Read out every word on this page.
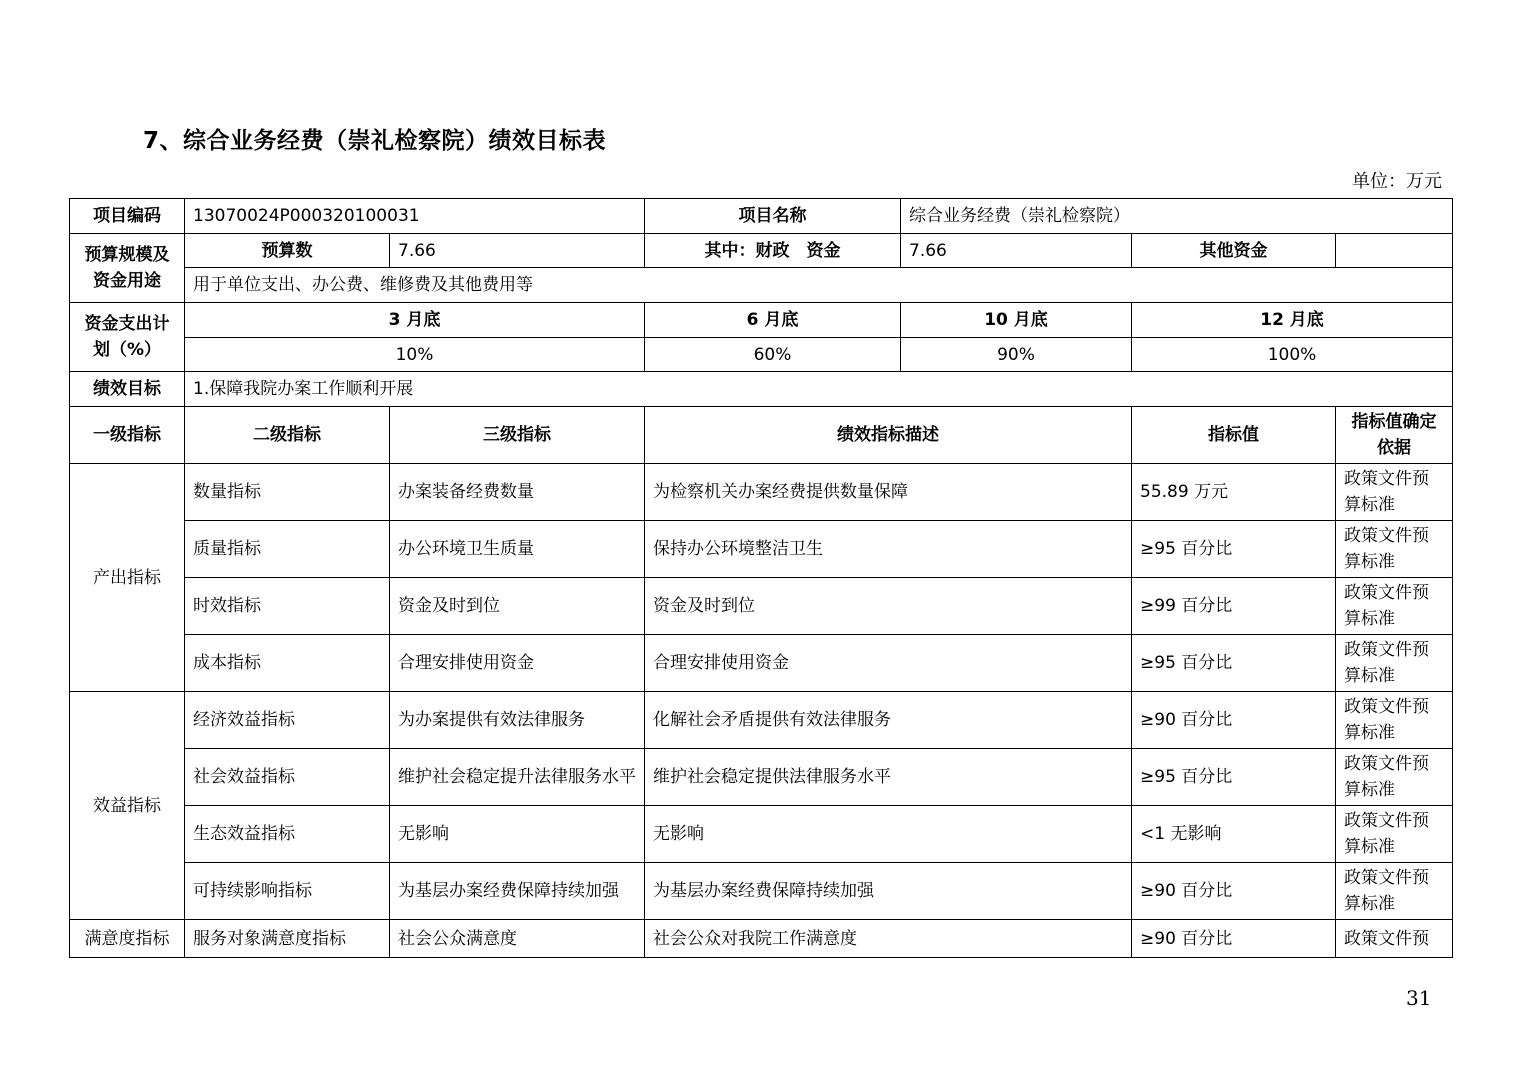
7、综合业务经费（崇礼检察院）绩效目标表
单位：万元
项目编码	13070024P000320100031		项目名称	综合业务经费（崇礼检察院）		
预算规模及资金用途	预算数	7.66	其中：财政　资金	7.66	其他资金	
	用于单位支出、办公费、维修费及其他费用等					
资金支出计划（%）	3 月底		6 月底	10 月底	12 月底	
	10%		60%	90%	100%	
绩效目标	1.保障我院办案工作顺利开展					
一级指标	二级指标	三级指标	绩效指标描述		指标值	指标值确定依据
产出指标	数量指标	办案装备经费数量	为检察机关办案经费提供数量保障		55.89 万元	政策文件预算标准
	质量指标	办公环境卫生质量	保持办公环境整洁卫生		≥95 百分比	政策文件预算标准
	时效指标	资金及时到位	资金及时到位		≥99 百分比	政策文件预算标准
	成本指标	合理安排使用资金	合理安排使用资金		≥95 百分比	政策文件预算标准
效益指标	经济效益指标	为办案提供有效法律服务	化解社会矛盾提供有效法律服务		≥90 百分比	政策文件预算标准
	社会效益指标	维护社会稳定提升法律服务水平	维护社会稳定提供法律服务水平		≥95 百分比	政策文件预算标准
	生态效益指标	无影响	无影响		<1 无影响	政策文件预算标准
	可持续影响指标	为基层办案经费保障持续加强	为基层办案经费保障持续加强		≥90 百分比	政策文件预算标准
满意度指标	服务对象满意度指标	社会公众满意度	社会公众对我院工作满意度		≥90 百分比	政策文件预
31
